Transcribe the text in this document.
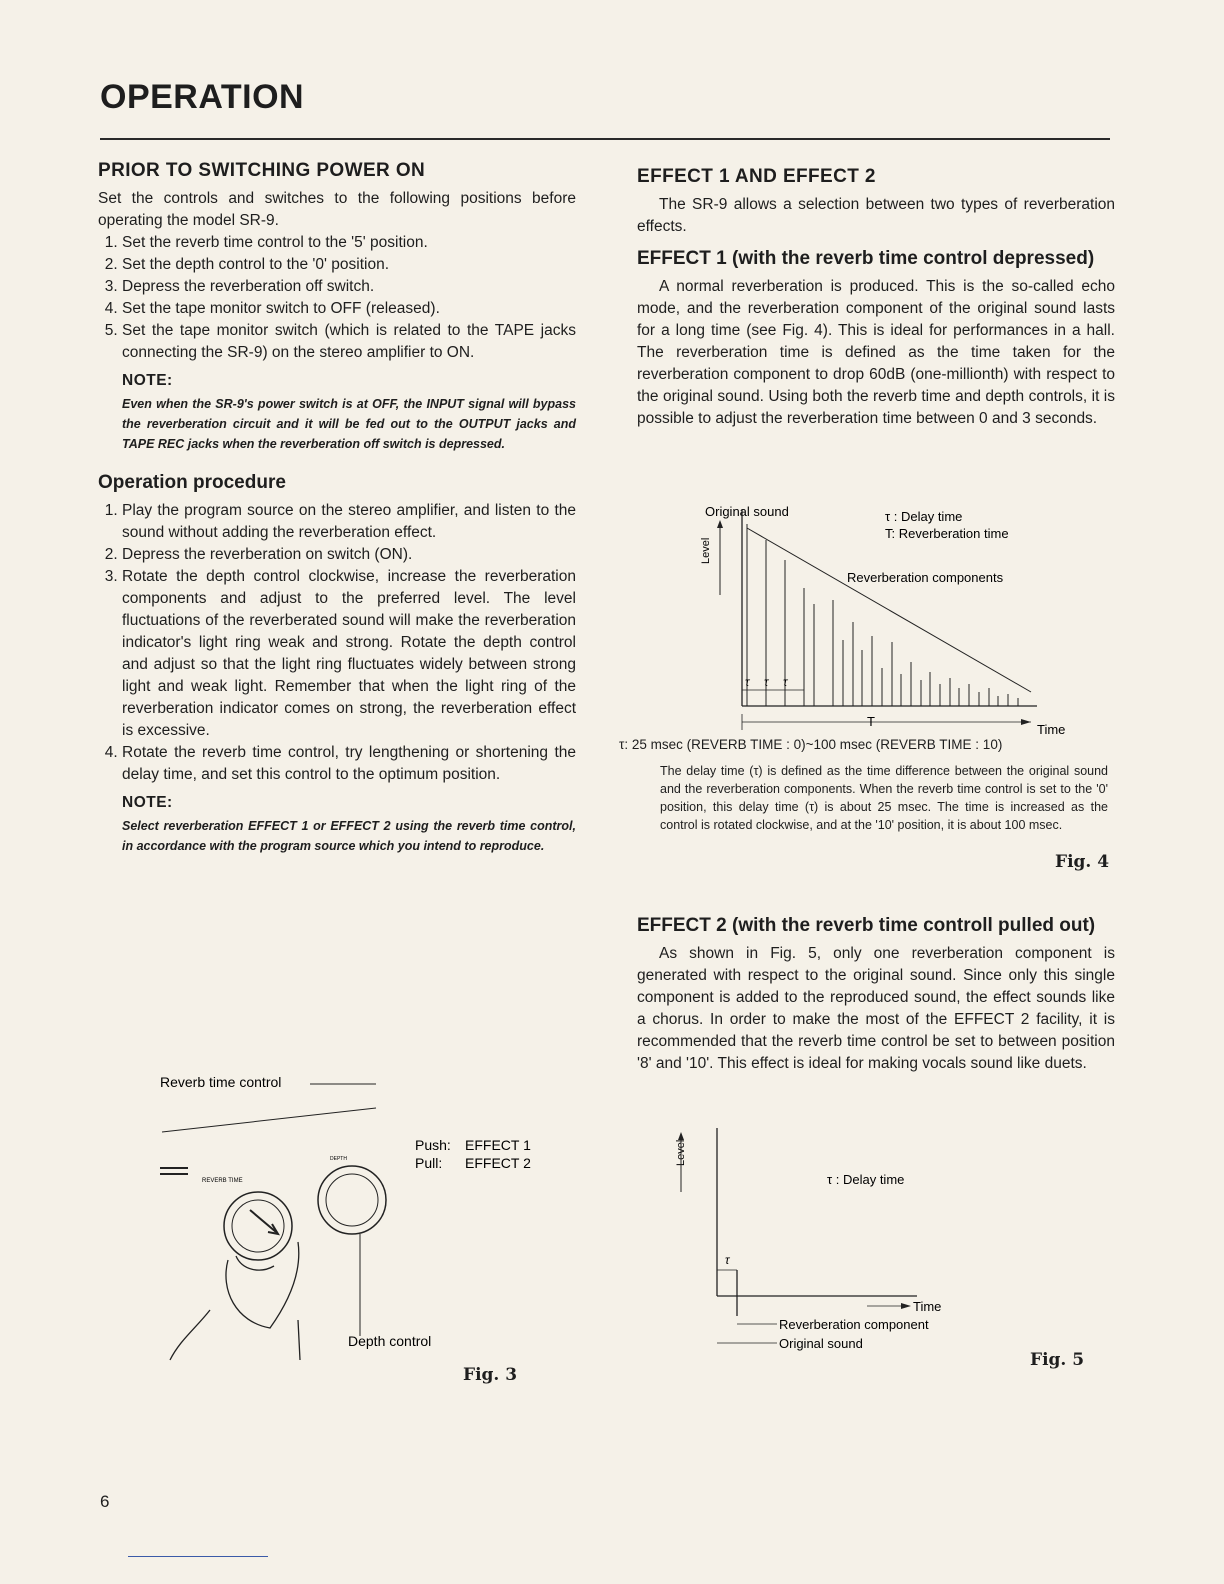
OPERATION
PRIOR TO SWITCHING POWER ON

Set the controls and switches to the following positions before operating the model SR-9.

1. Set the reverb time control to the '5' position.
2. Set the depth control to the '0' position.
3. Depress the reverberation off switch.
4. Set the tape monitor switch to OFF (released).
5. Set the tape monitor switch (which is related to the TAPE jacks connecting the SR-9) on the stereo amplifier to ON.
NOTE:
Even when the SR-9's power switch is at OFF, the INPUT signal will bypass the reverberation circuit and it will be fed out to the OUTPUT jacks and TAPE REC jacks when the reverberation off switch is depressed.
Operation procedure
1. Play the program source on the stereo amplifier, and listen to the sound without adding the reverberation effect.
2. Depress the reverberation on switch (ON).
3. Rotate the depth control clockwise, increase the reverberation components and adjust to the preferred level. The level fluctuations of the reverberated sound will make the reverberation indicator's light ring weak and strong. Rotate the depth control and adjust so that the light ring fluctuates widely between strong light and weak light. Remember that when the light ring of the reverberation indicator comes on strong, the reverberation effect is excessive.
4. Rotate the reverb time control, try lengthening or shortening the delay time, and set this control to the optimum position.
NOTE:
Select reverberation EFFECT 1 or EFFECT 2 using the reverb time control, in accordance with the program source which you intend to reproduce.
Reverb time control
Push: EFFECT 1
Pull: EFFECT 2
REVERB TIME
DEPTH
Depth control
Fig. 3
EFFECT 1 AND EFFECT 2

The SR-9 allows a selection between two types of reverberation effects.

EFFECT 1 (with the reverb time control depressed)

A normal reverberation is produced. This is the so-called echo mode, and the reverberation component of the original sound lasts for a long time (see Fig. 4). This is ideal for performances in a hall. The reverberation time is defined as the time taken for the reverberation component to drop 60dB (one-millionth) with respect to the original sound. Using both the reverb time and depth controls, it is possible to adjust the reverberation time between 0 and 3 seconds.

Original sound	τ : Delay time
T: Reverberation time
Reverberation components
Level
τ τ τ
T
Time
τ: 25 msec (REVERB TIME : 0)~100 msec (REVERB TIME : 10)
The delay time (τ) is defined as the time difference between the original sound and the reverberation components. When the reverb time control is set to the '0' position, this delay time (τ) is about 25 msec. The time is increased as the control is rotated clockwise, and at the '10' position, it is about 100 msec.
Fig. 4
EFFECT 2 (with the reverb time controll pulled out)

As shown in Fig. 5, only one reverberation component is generated with respect to the original sound. Since only this single component is added to the reproduced sound, the effect sounds like a chorus. In order to make the most of the EFFECT 2 facility, it is recommended that the reverb time control be set to between position '8' and '10'. This effect is ideal for making vocals sound like duets.

Level
τ : Delay time
τ
Time
Reverberation component
Original sound
Fig. 5
6
